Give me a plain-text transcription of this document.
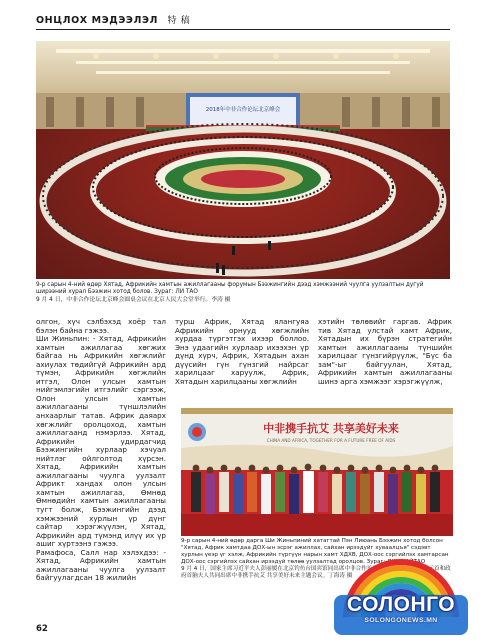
ОНЦЛОХ МЭДЭЭЛЭЛ 特 稿
2018年中非合作论坛北京峰会
9-р сарын 4-ний өдөр Хятад, Африкийн хамтын ажиллагааны форумын Бээжингийн дээд хэмжээний чуулга уулзалтын дугуй ширээний хурал Бээжин хотод болов. Зураг: ЛИ ТАО
9 月 4 日，中非合作论坛北京峰会圆桌会议在北京人民大会堂举行。李涛 摄
олгон, хүч сэлбэхэд хоёр тал бэлэн байна гэжээ.
Ши Жиньпин: - Хятад, Африкийн хамтын ажиллагаа хөгжих байгаа нь Африкийн хөгжлийг ахиулах төдийгүй Африкийн ард түмэн, Африкийн хөгжлийн итгэл, Олон улсын хамтын нийгэмлэгийн итгэлийг сэргээж, Олон улсын хамтын ажиллагааны түншлэлийн анхаарлыг татав. Африк даяарх хөгжлийг оролцоход, хамтын ажиллагаанд нэмэрлээ. Хятад, Африкийн удирдагчид Бээжингийн хурлаар хэчуал нийтлэг ойлголтод хүрсэн. Хятад, Африкийн хамтын ажиллагааны чуулга уулзалт Африкт хандах олон улсын хамтын ажиллагаа, Өмнөд Өмнөдийн хамтын ажиллагааны тугт болж, Бээжингийн дээд хэмжээний хурлын үр дүнг сайтар хэрэгжүүлэн, Хятад, Африкийн ард түмэнд илүү их үр ашиг хүртээнэ гэжээ.
Рамафоса, Салл нар хэлэхдээ: - Хятад, Африкийн хамтын ажиллагааны чуулга уулзалт байгуулагдсан 18 жилийн
турш Африк, Хятад ялангуяа Африкийн орнууд хөгжлийн хурдаа түргэтгэх ихээр боллоо. Энэ удаагийн хурлаар ихээхэн үр дүнд хүрч, Африк, Хятадын ахан дүүсийн гүн гүнзгий найрсаг харилцааг харуулж, Африк, Хятадын харилцааны хөгжлийн
хэтийн төлөвийг гаргав. Африк тив Хятад улстай хамт Африк, Хятадын их бүрэн стратегийн хамтын ажиллагааны түншийн харилцааг гүнзгийрүүлж, "Бүс ба зам"-ыг байгуулан, Хятад, Африкийн хамтын ажиллагааны шинэ арга хэмжээг хэрэгжүүлж,
中非携手抗艾 共享美好未来
CHINA AND AFRICA, TOGETHER FOR A FUTURE FREE OF AIDS
9-р сарын 4-ний өдөр дарга Ши Жиньпиний хатагтай Пэн Лиюань Бээжин хотод болсон "Хятад, Африк хамтдаа ДОХ-ын эсрэг ажиллах, сайхан ирээдүйг хуваалцъя" сэдэвт хурлын үеэр үг хэлж, Африкийн түргүүн нарын хамт ХДХВ, ДОХ-оос сэргийлэх хамтарсан ДОХ-оос сэргийлэх сайхан ирээдүй төлөө уулзалтад оролцов. Зураг: ДИН ХАЙТАО
9 月 4 日，国家主席习近平夫人彭丽媛在北京钓鱼台国宾馆同出席中非合作论坛北京峰会的非洲国家元首和政府首脑夫人共同出席中非携手抗艾 共享美好未来主题会议。丁海涛 摄
62
СОЛОНГО
SOLONGONEWS.MN
